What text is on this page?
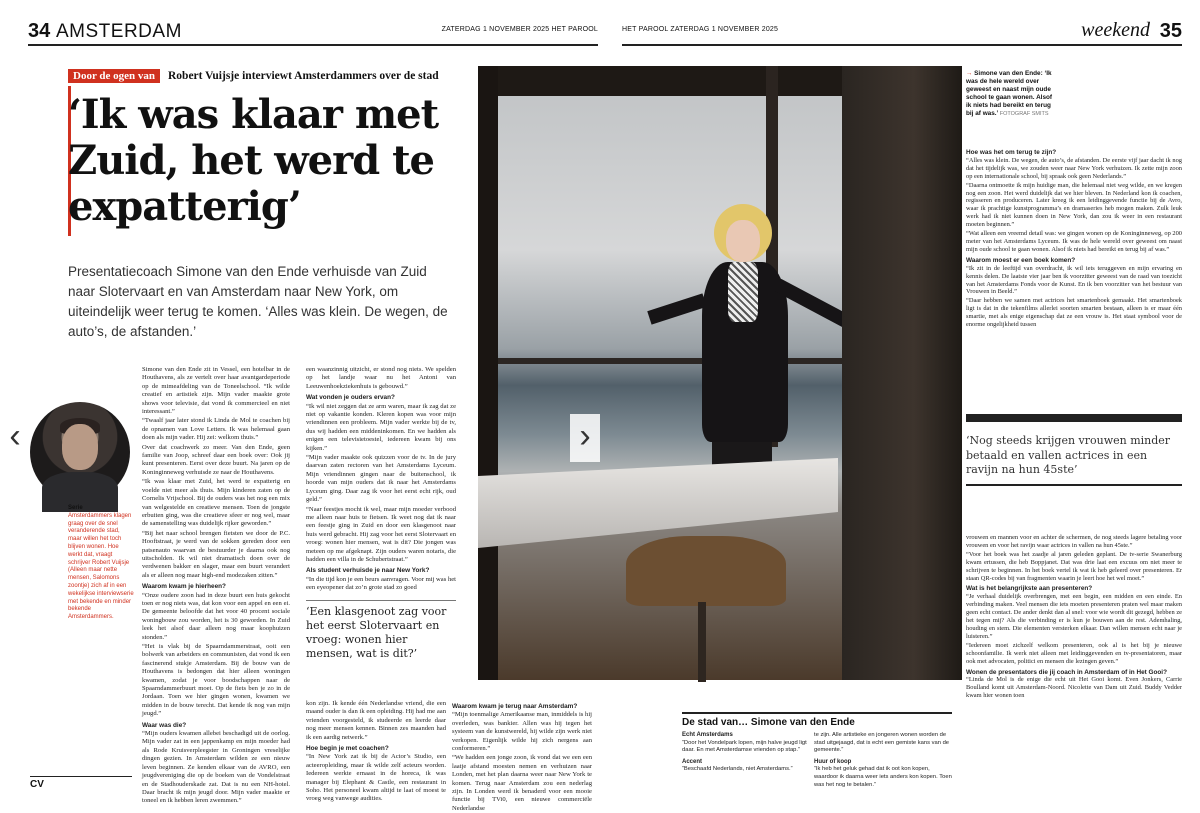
34 AMSTERDAM	ZATERDAG 1 NOVEMBER 2025 HET PAROOL	HET PAROOL ZATERDAG 1 NOVEMBER 2025	weekend 35
Door de ogen van	Robert Vuijsje interviewt Amsterdammers over de stad
‘Ik was klaar met Zuid, het werd te expatterig’

Presentatiecoach Simone van den Ende verhuisde van Zuid naar Slotervaart en van Amsterdam naar New York, om uiteindelijk weer terug te komen. ‘Alles was klein. De wegen, de auto’s, de afstanden.’

Serie
Amsterdammers klagen graag over de snel veranderende stad, maar willen het toch blijven wonen. Hoe werkt dat, vraagt schrijver Robert Vuijsje (Alleen maar nette mensen, Salomons zoontje) zich af in een wekelijkse interviewserie met bekende en minder bekende Amsterdammers.
CV

Simone van den Ende zit in Vessel, een hotelbar in de Houthavens, als ze vertelt over haar avantgardeperiode op de mimeafdeling van de Toneelschool. “Ik wilde creatief en artistiek zijn. Mijn vader maakte grote shows voor televisie, dat vond ik commercieel en niet interessant.”

“Twaalf jaar later stond ik Linda de Mol te coachen bij de opnamen van Love Letters. Ik was helemaal gaan doen als mijn vader. Hij zei: welkom thuis.”

Over dat coachwerk zo meer. Van den Ende, geen familie van Joop, schreef daar een boek over: Ook jij kunt presenteren. Eerst over deze buurt. Na jaren op de Koninginneweg verhuisde ze naar de Houthavens.

“Ik was klaar met Zuid, het werd te expatterig en voelde niet meer als thuis. Mijn kinderen zaten op de Cornelis Vrijschool. Bij de ouders was het nog een mix van welgestelde en creatieve mensen. Toen de jongste erbuiten ging, was die creatieve sfeer er nog wel, maar de samenstelling was duidelijk rijker geworden.”

“Bij het naar school brengen fietsten we door de P.C. Hooftstraat, je werd van de sokken gereden door een patsenauto waarvan de bestuurder je daarna ook nog uitscholden. Ik wil niet dramatisch doen over de verdwenen bakker en slager, maar een buurt verandert als er alleen nog maar high-end modezaken zitten.”

Waarom kwam je hierheen?

“Onze oudere zoon had in deze buurt een huis gekocht toen er nog niets was, dat kon voor een appel en een ei. De gemeente beloofde dat het voor 40 procent sociale woningbouw zou worden, het is 30 geworden. In Zuid leek het alsof daar alleen nog maar koophuizen stonden.”

“Het is vlak bij de Spaarndammerstraat, ooit een bolwerk van arbeiders en communisten, dat vond ik een fascinerend stukje Amsterdam. Bij de bouw van de Houthavens is bedongen dat hier alleen woningen kwamen, zodat je voor boodschappen naar de Spaarndammerbuurt moet. Op de fiets ben je zo in de Jordaan. Toen we hier gingen wonen, kwamen we midden in de bouw terecht. Dat kende ik nog van mijn jeugd.”

Waar was die?

“Mijn ouders kwamen allebei beschadigd uit de oorlog. Mijn vader zat in een jappenkamp en mijn moeder had als Rode Kruisverpleegster in Groningen vreselijke dingen gezien. In Amsterdam wilden ze een nieuw leven beginnen. Ze kenden elkaar van de AVRO, een jeugdvereniging die op de boeken van de Vondelstraat en de Stadhouderskade zat. Dat is nu een NH-hotel. Daar bracht ik mijn jeugd door. Mijn vader maakte er toneel en ik hebben leren zwemmen.”

een waanzinnig uitzicht, er stond nog niets. We spelden op het landje waar nu het Antoni van Leeuwenhoekziekenhuis is gebouwd.”

Wat vonden je ouders ervan?

“Ik wil niet zeggen dat ze arm waren, maar ik zag dat ze niet op vakantie konden. Kleren kopen was voor mijn vriendinnen een probleem. Mijn vader werkte bij de tv, dus wij hadden een middeninkomen. En we hadden als enigen een televisietoestel, iedereen kwam bij ons kijken.”

“Mijn vader maakte ook quizzen voor de tv. In de jury daarvan zaten rectoren van het Amsterdams Lyceum. Mijn vriendinnen gingen naar de buitenschool, ik hoorde van mijn ouders dat ik naar het Amsterdams Lyceum ging. Daar zag ik voor het eerst echt rijk, oud geld.”

“Naar feestjes mocht ik wel, maar mijn moeder verbood me alleen naar huis te fietsen. Ik weet nog dat ik naar een feestje ging in Zuid en door een klasgenoot naar huis werd gebracht. Hij zag voor het eerst Slotervaart en vroeg: wonen hier mensen, wat is dit? Die jongen was meteen op me afgeknapt. Zijn ouders waren notaris, die hadden een villa in de Schubertstraat.”

Als student verhuisde je naar New York?

“In die tijd kon je een beurs aanvragen. Voor mij was het een eyeopener dat zo’n grote stad zo goed

‘Een klasgenoot zag voor het eerst Slotervaart en vroeg: wonen hier mensen, wat is dit?’

kon zijn. Ik kende één Nederlandse vriend, die een maand ouder is dan ik een opleiding. Hij had me aan vrienden voorgesteld, ik studeerde en leerde daar nog meer mensen kennen. Binnen zes maanden had ik een aardig netwerk.”

Hoe begin je met coachen?

“In New York zat ik bij de Actor’s Studio, een acteeropleiding, maar ik wilde zelf acteurs worden. Iedereen werkte ernaast in de horeca, ik was manager bij Elephant & Castle, een restaurant in Soho. Het personeel kwam altijd te laat of moest te vroeg weg vanwege audities.

Waarom kwam je terug naar Amsterdam?

“Mijn toenmalige Amerikaanse man, inmiddels is hij overleden, was bankier. Allen was hij tegen het systeem van de kunstwereld, hij wilde zijn werk niet verkopen. Eigenlijk wilde hij zich nergens aan conformeren.”

“We hadden een jonge zoon, ik vond dat we een een laatje afstand moesten nemen en verhuizen naar Londen, met het plan daarna weer naar New York te komen. Terug naar Amsterdam zou een nederlag zijn. In Londen werd ik benaderd voor een mooie functie bij TVi0, een nieuwe commerciële Nederlandse

‹	›
→ Simone van den Ende: ‘Ik was de hele wereld over geweest en naast mijn oude school te gaan wonen. Alsof ik niets had bereikt en terug bij af was.’ FOTOGRAF SMITS
Hoe was het om terug te zijn?

“Alles was klein. De wegen, de auto’s, de afstanden. De eerste vijf jaar dacht ik nog dat het tijdelijk was, we zouden weer naar New York verhuizen. Ik zette mijn zoon op een internationale school, bij spraak ook geen Nederlands.”

“Daarna ontmoette ik mijn huidige man, die helemaal niet weg wilde, en we kregen nog een zoon. Het werd duidelijk dat we hier bleven. In Nederland kon ik coachen, regisseren en produceren. Later kreeg ik een leidinggevende functie bij de Avro, waar ik prachtige kunstprogramma’s en dramaseries heb mogen maken. Zulk leuk werk had ik niet kunnen doen in New York, dan zou ik weer in een restaurant moeten beginnen.”

“Wat alleen een vreemd detail was: we gingen wonen op de Koninginneweg, op 200 meter van het Amsterdams Lyceum. Ik was de hele wereld over geweest om naast mijn oude school te gaan wonen. Alsof ik niets had bereikt en terug bij af was.”

Waarom moest er een boek komen?

“Ik zit in de leeftijd van overdracht, ik wil iets teruggeven en mijn ervaring en kennis delen. De laatste vier jaar ben ik voorzitter geweest van de raad van toezicht van het Amsterdams Fonds voor de Kunst. En ik ben voorzitter van het bestuur van Vrouwen in Beeld.”

“Daar hebben we samen met actrices het smartenboek gemaakt. Het smartenboek ligt is dat in die tekenfilms allerlei soorten smarten bestaan, alleen is er maar één smartie, met als enige eigenschap dat ze een vrouw is. Het staat symbool voor de enorme ongelijkheid tussen

‘Nog steeds krijgen vrouwen minder betaald en vallen actrices in een ravijn na hun 45ste’

vrouwen en mannen voor en achter de schermen, de nog steeds lagere betaling voor vrouwen en voor het ravijn waar actrices in vallen na hun 45ste.”

“Voor het boek was het zaadje al jaren geleden geplant. De tv-serie Swanerburg kwam ertussen, die heb Boppjanet. Dat was drie laat een excuus om niet meer te schrijven te beginnen. In het boek vertel ik wat ik heb geleerd over presenteren. Er staan QR-codes bij van fragmenten waarin je leert hoe het wel moet.”

Wat is het belangrijkste aan presenteren?

“Je verhaal duidelijk overbrengen, met een begin, een midden en een einde. En verbinding maken. Veel mensen die iets moeten presenteren praten wel maar maken geen echt contact. De ander denkt dan al snel: voor wie wordt dit gezegd, hebben ze het tegen mij? Als die verbinding er is kun je bouwen aan de rest. Ademhaling, houding en stem. Die elementen versterken elkaar. Dan willen mensen echt naar je luisteren.”

“Iedereen moet zichzelf welkom presenteren, ook al is het bij je nieuwe schoonfamilie. Ik werk niet alleen met leidinggevenden en tv-presentatoren, maar ook met advocaten, politici en mensen die lezingen geven.”

Wonen de presentators die jij coach in Amsterdam of in Het Gooi?

“Linda de Mol is de enige die echt uit Het Gooi komt. Even Jonkers, Carrie Boulland komt uit Amsterdam-Noord. Nicolette van Dam uit Zuid. Buddy Vedder kwam hier wonen toen

De stad van… Simone van den Ende
Echt Amsterdams
“Door het Vondelpark lopen, mijn halve jeugd ligt daar. En met Amsterdamse vrienden op stap.”
Accent
“Beschaafd Nederlands, niet Amsterdams.”
te zijn. Alle artistieke en jongeren wonen worden de stad uitgejaagd, dat is echt een gemiste kans van de gemeente.”
Huur of koop
“Ik heb het geluk gehad dat ik oot kon kopen, waardoor ik daarna weer iets anders kon kopen. Toen was het nog te betalen.”
